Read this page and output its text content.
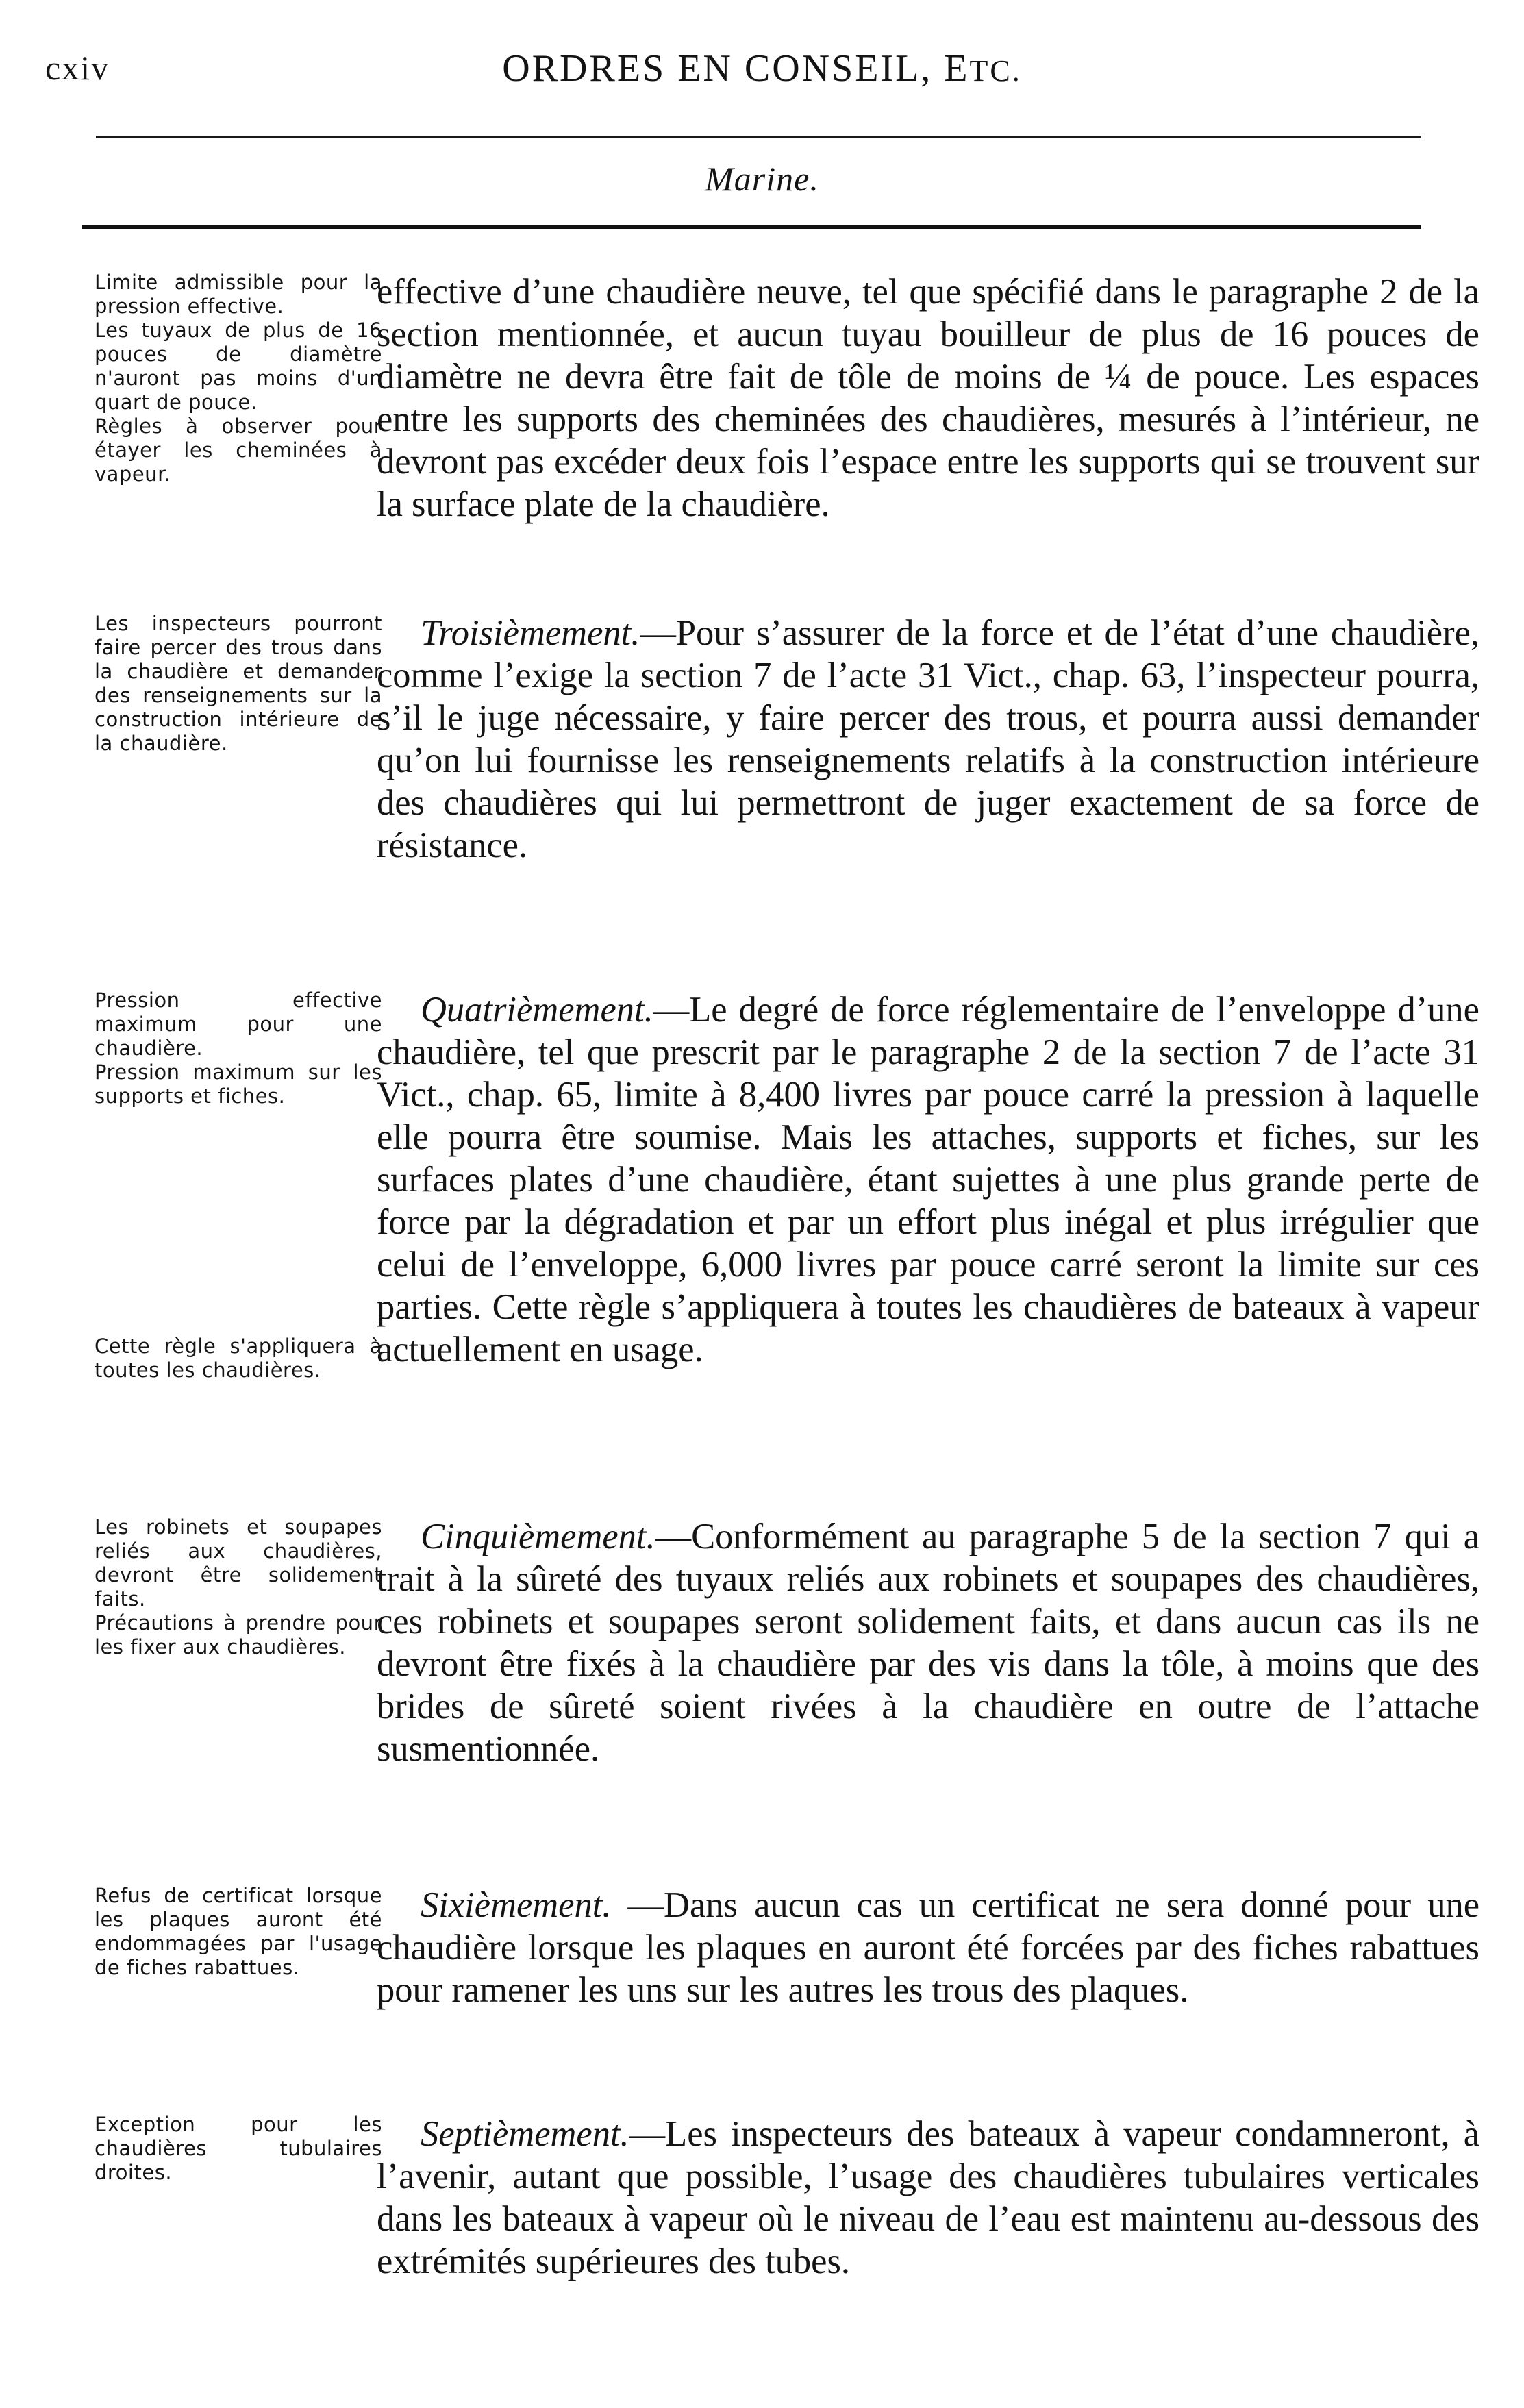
cxiv	ORDRES EN CONSEIL, ETC.
Marine.
Limite admissible pour la pression effective.
Les tuyaux de plus de 16 pouces de diamètre n'auront pas moins d'un quart de pouce.
Règles à observer pour étayer les cheminées à vapeur.

effective d’une chaudière neuve, tel que spécifié dans le paragraphe 2 de la section mentionnée, et aucun tuyau bouilleur de plus de 16 pouces de diamètre ne devra être fait de tôle de moins de ¼ de pouce. Les espaces entre les supports des cheminées des chaudières, mesurés à l’intérieur, ne devront pas excéder deux fois l’espace entre les supports qui se trouvent sur la surface plate de la chaudière.

Les inspecteurs pourront faire percer des trous dans la chaudière et demander des renseignements sur la construction intérieure de la chaudière.

Troisièmement.—Pour s’assurer de la force et de l’état d’une chaudière, comme l’exige la section 7 de l’acte 31 Vict., chap. 63, l’inspecteur pourra, s’il le juge nécessaire, y faire percer des trous, et pourra aussi demander qu’on lui fournisse les renseignements relatifs à la construction intérieure des chaudières qui lui permettront de juger exactement de sa force de résistance.

Pression effective maximum pour une chaudière.
Pression maximum sur les supports et fiches.
Cette règle s'appliquera à toutes les chaudières.

Quatrièmement.—Le degré de force réglementaire de l’enveloppe d’une chaudière, tel que prescrit par le paragraphe 2 de la section 7 de l’acte 31 Vict., chap. 65, limite à 8,400 livres par pouce carré la pression à laquelle elle pourra être soumise. Mais les attaches, supports et fiches, sur les surfaces plates d’une chaudière, étant sujettes à une plus grande perte de force par la dégradation et par un effort plus inégal et plus irrégulier que celui de l’enveloppe, 6,000 livres par pouce carré seront la limite sur ces parties. Cette règle s’appliquera à toutes les chaudières de bateaux à vapeur actuellement en usage.

Les robinets et soupapes reliés aux chaudières, devront être solidement faits.
Précautions à prendre pour les fixer aux chaudières.

Cinquièmement.—Conformément au paragraphe 5 de la section 7 qui a trait à la sûreté des tuyaux reliés aux robinets et soupapes des chaudières, ces robinets et soupapes seront solidement faits, et dans aucun cas ils ne devront être fixés à la chaudière par des vis dans la tôle, à moins que des brides de sûreté soient rivées à la chaudière en outre de l’attache susmentionnée.

Refus de certificat lorsque les plaques auront été endommagées par l'usage de fiches rabattues.

Sixièmement. —Dans aucun cas un certificat ne sera donné pour une chaudière lorsque les plaques en auront été forcées par des fiches rabattues pour ramener les uns sur les autres les trous des plaques.

Exception pour les chaudières tubulaires droites.

Septièmement.—Les inspecteurs des bateaux à vapeur condamneront, à l’avenir, autant que possible, l’usage des chaudières tubulaires verticales dans les bateaux à vapeur où le niveau de l’eau est maintenu au-dessous des extrémités supérieures des tubes.
